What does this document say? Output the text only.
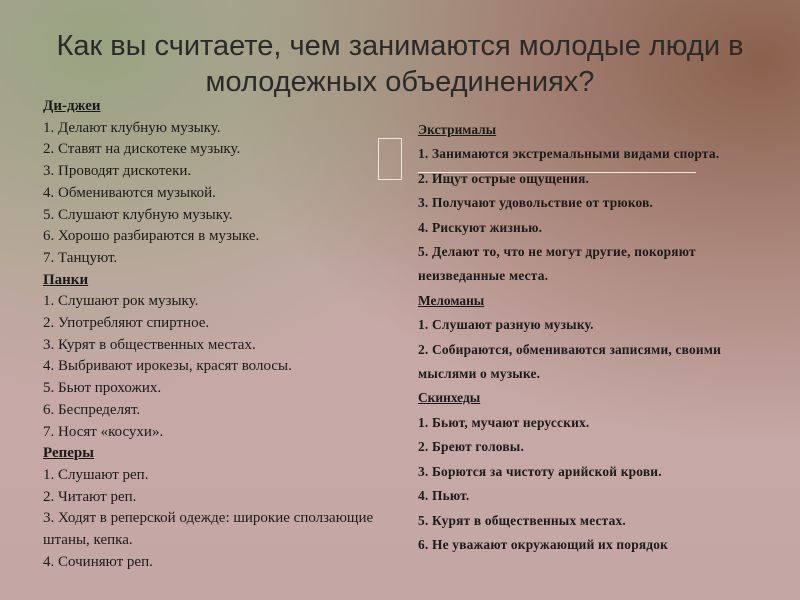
Как вы считаете, чем занимаются молодые люди в молодежных объединениях?
Ди-джеи
1. Делают клубную музыку.
2. Ставят на дискотеке музыку.
3. Проводят дискотеки.
4. Обмениваются музыкой.
5. Слушают клубную музыку.
6. Хорошо разбираются в музыке.
7. Танцуют.
Панки
1. Слушают рок музыку.
2. Употребляют спиртное.
3. Курят в общественных местах.
4. Выбривают ирокезы, красят волосы.
5. Бьют прохожих.
6. Беспределят.
7. Носят «косухи».
Реперы
1. Слушают реп.
2. Читают реп.
3. Ходят в реперской одежде: широкие сползающие штаны, кепка.
4. Сочиняют реп.
Экстрималы
1. Занимаются экстремальными видами спорта.
2. Ищут острые ощущения.
3. Получают удовольствие от трюков.
4. Рискуют жизнью.
5. Делают то, что не могут другие, покоряют неизведанные места.
Меломаны
1. Слушают разную музыку.
2. Собираются, обмениваются записями, своими мыслями о музыке.
Скинхеды
1. Бьют, мучают нерусских.
2. Бреют головы.
3. Борются за чистоту арийской крови.
4. Пьют.
5. Курят в общественных местах.
6. Не уважают окружающий их порядок
